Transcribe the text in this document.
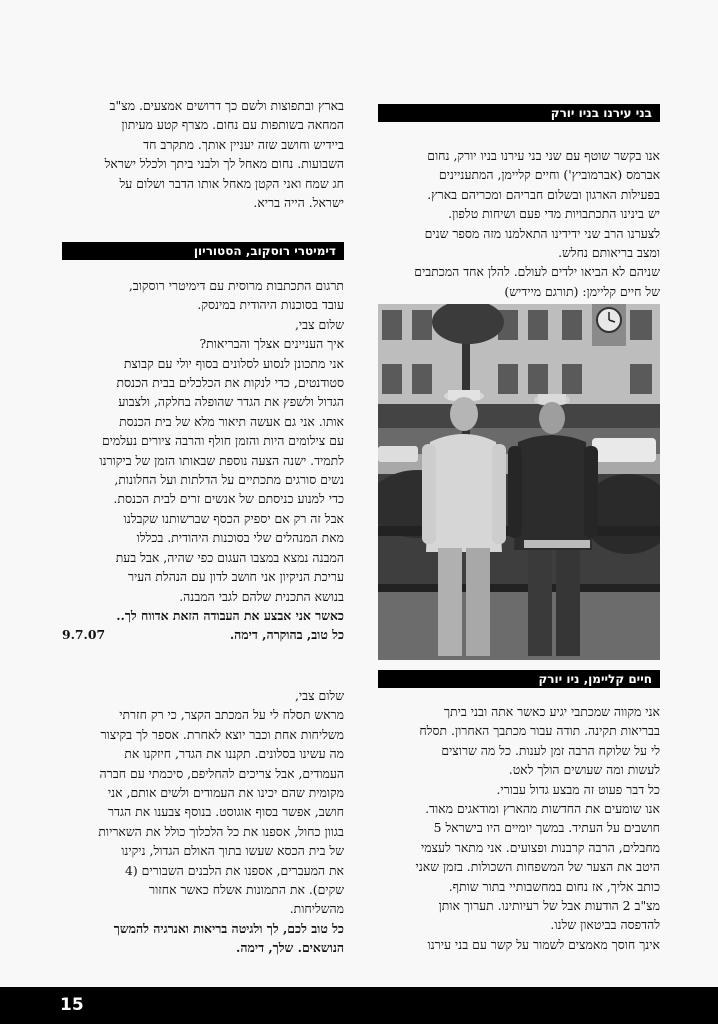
בני עירנו בניו יורק

אנו בקשר שוטף עם שני בני עירנו בניו יורק, נחום

אברמס (אברמוביץ') וחיים קליימן, המתעניינים

בפעילות הארגון ובשלום חבריהם ומכריהם בארץ.

יש בינינו התכתבויות מדי פעם ושיחות טלפון.

לצערנו הרב שני ידידינו התאלמנו מזה מספר שנים

ומצב בריאותם נחלש.

שניהם לא הביאו ילדים לעולם. להלן אחד המכתבים

של חיים קליימן: (תורגם מיידיש)

חיים קליימן, ניו יורק

אני מקווה שמכתבי יגיע כאשר אתה ובני ביתך

בבריאות תקינה. תודה עבור מכתבך האחרון. תסלח

לי על שלוקח הרבה זמן לענות. כל מה שרוצים

לעשות ומה שעושים הולך לאט.

כל דבר פעוט זה מבצע גדול עבורי.

אנו שומעים את החדשות מהארץ ומודאגים מאוד.

חושבים על העתיד. במשך יומיים היו בישראל 5

מחבלים, הרבה קרבנות ופצועים. אני מתאר לעצמי

היטב את הצער של המשפחות השכולות. בזמן שאני

כותב אליך, אז נחום במחשבותיי בתור שותף.

מצ"ב 2 הודעות אבל של רעיותינו. תערוך אותן

להדפסה בביטאון שלנו.

אינך חוסך מאמצים לשמור על קשר עם בני עירנו

בארץ ובתפוצות ולשם כך דרושים אמצעים. מצ"ב

המחאה בשותפות עם נחום. מצרף קטע מעיתון

ביידיש וחושב שזה יעניין אותך. מתקרב חד

השבועות. נחום מאחל לך ולבני ביתך ולכלל ישראל

חג שמח ואני הקטן מאחל אותו הדבר ושלום על

ישראל. הייה בריא.

דימיטרי רוסקוב, הסטוריון

תרגום התכתבות מרוסית עם דימיטרי רוסקוב,

עובד בסוכנות היהודית במינסק.

שלום צבי,

איך העניינים אצלך והבריאות?

אני מתכונן לנסוע לסלונים בסוף יולי עם קבוצת

סטודנטים, כדי לנקות את הכלכלים בבית הכנסת

הגדול ולשפץ את הגדר שהופלה בחלקה, ולצבוע

אותו. אני גם אעשה תיאור מלא של בית הכנסת

עם צילומים היות והזמן חולף והרבה ציורים נעלמים

לתמיד. ישנה הצעה נוספת שבאותו הזמן של ביקורנו

נשים סורגים מתכתיים על הדלתות ועל החלונות,

כדי למנוע כניסתם של אנשים זרים לבית הכנסת.

אבל זה רק אם יספיק הכסף שברשותנו שקבלנו

מאת המנהלים שלי בסוכנות היהודית. בכללו

המבנה נמצא במצבו העגום כפי שהיה, אבל בעת

עריכת הניקיון אני חושב לדון עם הנהלת העיר

בנושא התכנית שלהם לגבי המבנה.

כאשר אני אבצע את העבודה הזאת אדווח לך..

כל טוב, בהוקרה, דימה.
9.7.07

שלום צבי,

מראש תסלח לי על המכתב הקצר, כי רק חזרתי

משליחות אחת וכבר יוצא לאחרת. אספר לך בקיצור

מה עשינו בסלונים. תקננו את הגדר, חיזקנו את

העמודים, אבל צריכים להחליפם, סיכמתי עם חברה

מקומית שהם יכינו את העמודים ולשים אותם, אני

חושב, אפשר בסוף אוגוסט. בנוסף צבענו את הגדר

בגוון כחול, אספנו את כל הלכלוך כולל את השאריות

של בית הכסא שעשו בתוך האולם הגדול, ניקינו

את המעברים, אספנו את הלבנים השבורים (4

שקים). את התמונות אשלח כאשר אחזור

מהשליחות.

כל טוב לכם, לך ולגיטה בריאות ואנרגיה להמשך

הנושאים. שלך, דימה.

15
